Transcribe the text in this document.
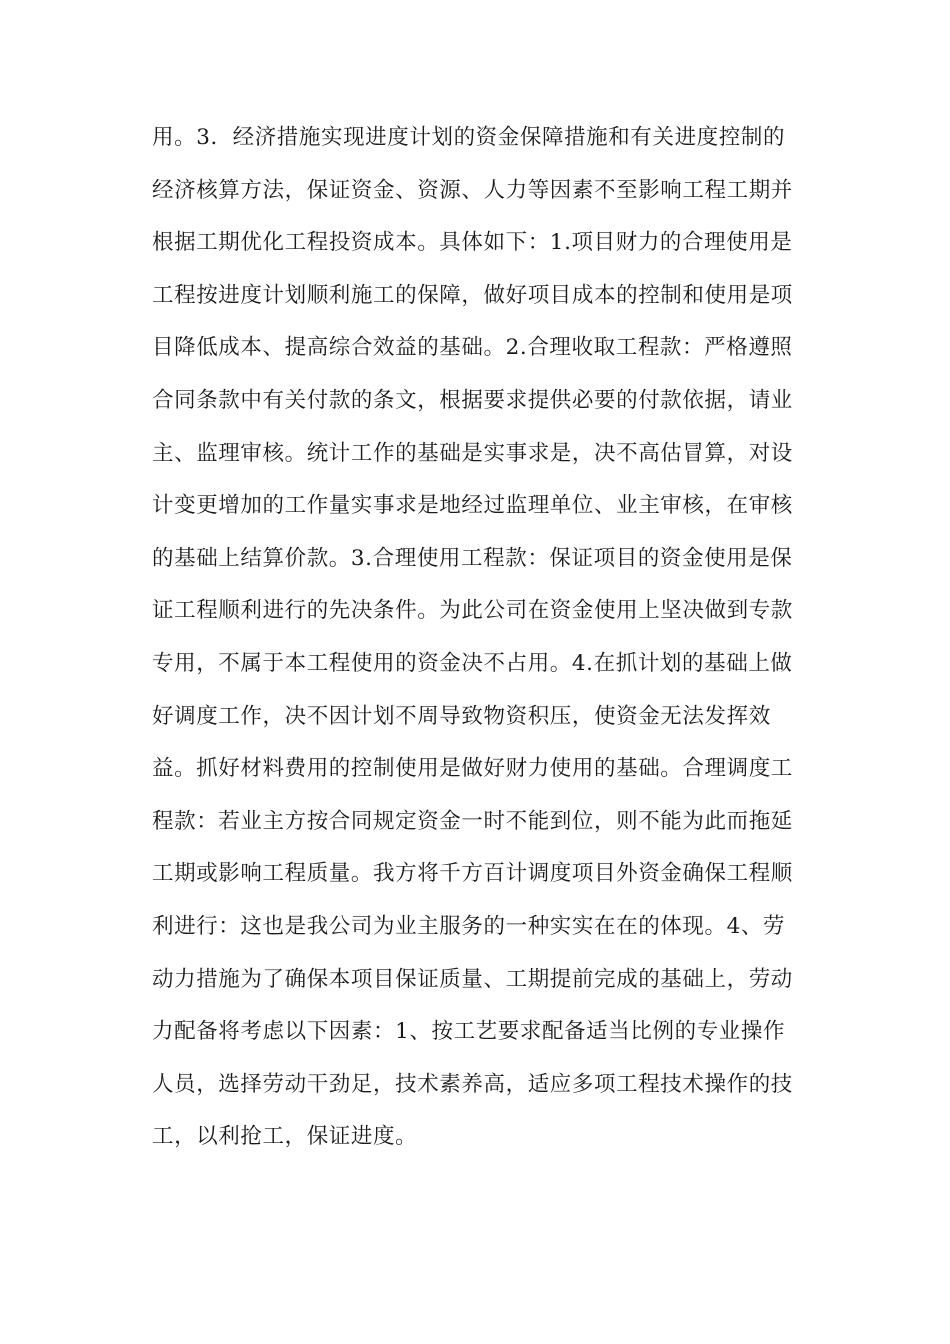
用。3．经济措施实现进度计划的资金保障措施和有关进度控制的
经济核算方法，保证资金、资源、人力等因素不至影响工程工期并
根据工期优化工程投资成本。具体如下：1.项目财力的合理使用是
工程按进度计划顺利施工的保障，做好项目成本的控制和使用是项
目降低成本、提高综合效益的基础。2.合理收取工程款：严格遵照
合同条款中有关付款的条文，根据要求提供必要的付款依据，请业
主、监理审核。统计工作的基础是实事求是，决不高估冒算，对设
计变更增加的工作量实事求是地经过监理单位、业主审核，在审核
的基础上结算价款。3.合理使用工程款：保证项目的资金使用是保
证工程顺利进行的先决条件。为此公司在资金使用上坚决做到专款
专用，不属于本工程使用的资金决不占用。4.在抓计划的基础上做
好调度工作，决不因计划不周导致物资积压，使资金无法发挥效
益。抓好材料费用的控制使用是做好财力使用的基础。合理调度工
程款：若业主方按合同规定资金一时不能到位，则不能为此而拖延
工期或影响工程质量。我方将千方百计调度项目外资金确保工程顺
利进行：这也是我公司为业主服务的一种实实在在的体现。4、劳
动力措施为了确保本项目保证质量、工期提前完成的基础上，劳动
力配备将考虑以下因素：1、按工艺要求配备适当比例的专业操作
人员，选择劳动干劲足，技术素养高，适应多项工程技术操作的技
工，以利抢工，保证进度。
